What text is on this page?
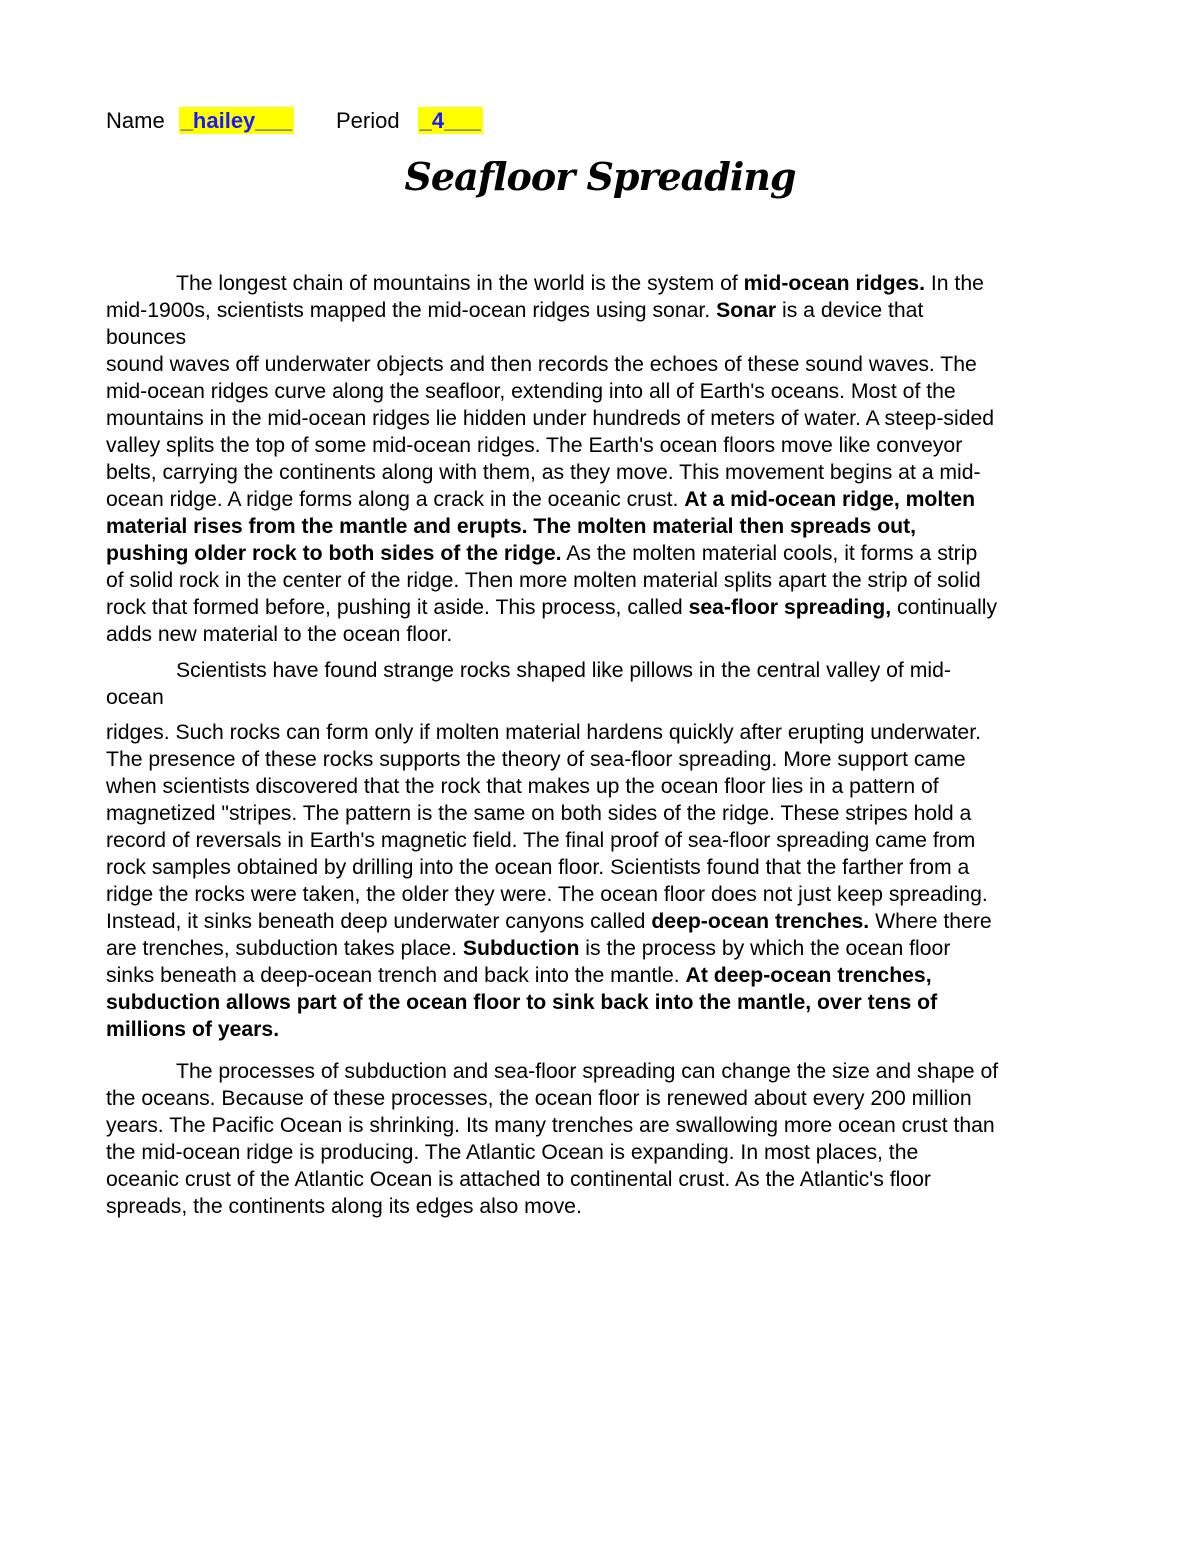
Name _hailey___ Period _4___
Seafloor Spreading
The longest chain of mountains in the world is the system of mid-ocean ridges. In the
mid-1900s, scientists mapped the mid-ocean ridges using sonar. Sonar is a device that
bounces
sound waves off underwater objects and then records the echoes of these sound waves. The
mid-ocean ridges curve along the seafloor, extending into all of Earth's oceans. Most of the
mountains in the mid-ocean ridges lie hidden under hundreds of meters of water. A steep-sided
valley splits the top of some mid-ocean ridges. The Earth's ocean floors move like conveyor
belts, carrying the continents along with them, as they move. This movement begins at a mid-
ocean ridge. A ridge forms along a crack in the oceanic crust. At a mid-ocean ridge, molten
material rises from the mantle and erupts. The molten material then spreads out,
pushing older rock to both sides of the ridge. As the molten material cools, it forms a strip
of solid rock in the center of the ridge. Then more molten material splits apart the strip of solid
rock that formed before, pushing it aside. This process, called sea-floor spreading, continually
adds new material to the ocean floor.
Scientists have found strange rocks shaped like pillows in the central valley of mid-
ocean
ridges. Such rocks can form only if molten material hardens quickly after erupting underwater.
The presence of these rocks supports the theory of sea-floor spreading. More support came
when scientists discovered that the rock that makes up the ocean floor lies in a pattern of
magnetized "stripes. The pattern is the same on both sides of the ridge. These stripes hold a
record of reversals in Earth's magnetic field. The final proof of sea-floor spreading came from
rock samples obtained by drilling into the ocean floor. Scientists found that the farther from a
ridge the rocks were taken, the older they were. The ocean floor does not just keep spreading.
Instead, it sinks beneath deep underwater canyons called deep-ocean trenches. Where there
are trenches, subduction takes place. Subduction is the process by which the ocean floor
sinks beneath a deep-ocean trench and back into the mantle. At deep-ocean trenches,
subduction allows part of the ocean floor to sink back into the mantle, over tens of
millions of years.
The processes of subduction and sea-floor spreading can change the size and shape of
the oceans. Because of these processes, the ocean floor is renewed about every 200 million
years. The Pacific Ocean is shrinking. Its many trenches are swallowing more ocean crust than
the mid-ocean ridge is producing. The Atlantic Ocean is expanding. In most places, the
oceanic crust of the Atlantic Ocean is attached to continental crust. As the Atlantic's floor
spreads, the continents along its edges also move.
